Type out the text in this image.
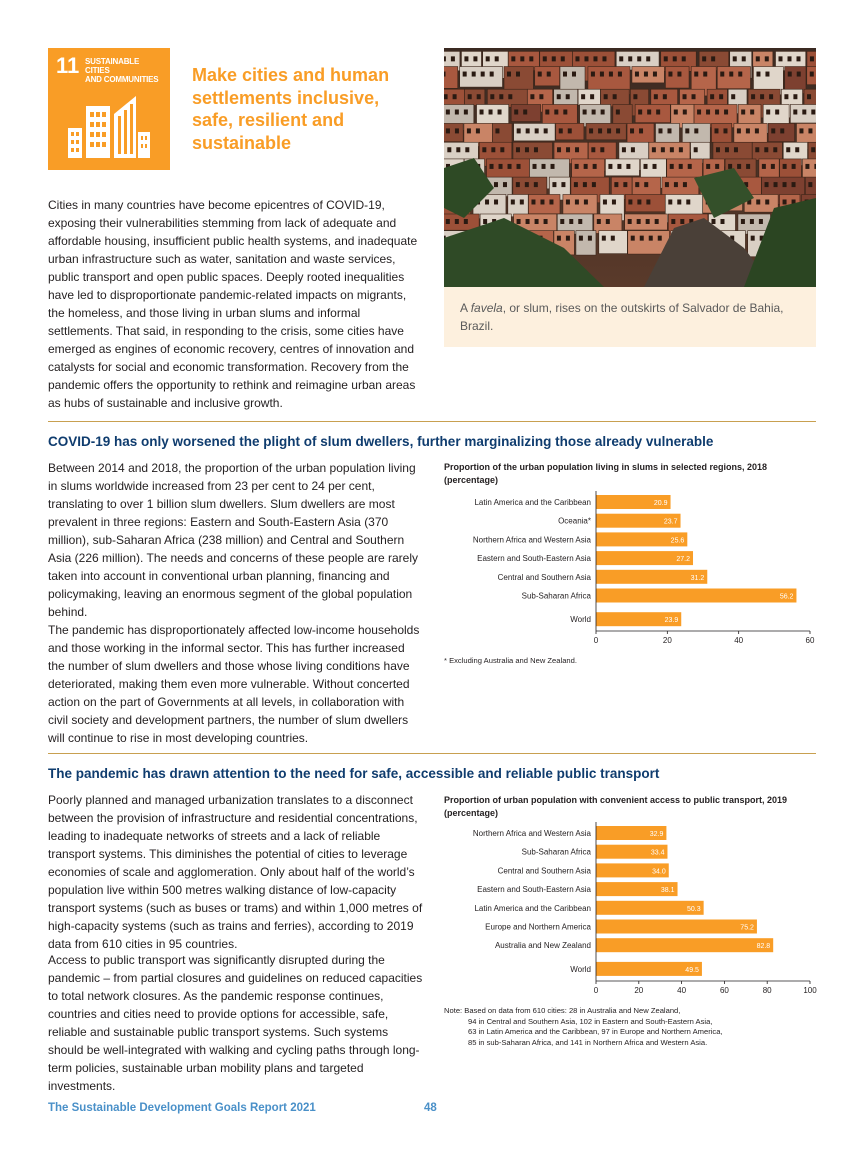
11 SUSTAINABLE CITIES
AND COMMUNITIES	Make cities and human settlements inclusive, safe, resilient and sustainable
A favela, or slum, rises on the outskirts of Salvador de Bahia, Brazil.
Cities in many countries have become epicentres of COVID-19, exposing their vulnerabilities stemming from lack of adequate and affordable housing, insufficient public health systems, and inadequate urban infrastructure such as water, sanitation and waste services, public transport and open public spaces. Deeply rooted inequalities have led to disproportionate pandemic-related impacts on migrants, the homeless, and those living in urban slums and informal settlements. That said, in responding to the crisis, some cities have emerged as engines of economic recovery, centres of innovation and catalysts for social and economic transformation. Recovery from the pandemic offers the opportunity to rethink and reimagine urban areas as hubs of sustainable and inclusive growth.
COVID-19 has only worsened the plight of slum dwellers, further marginalizing those already vulnerable
Between 2014 and 2018, the proportion of the urban population living in slums worldwide increased from 23 per cent to 24 per cent, translating to over 1 billion slum dwellers. Slum dwellers are most prevalent in three regions: Eastern and South-Eastern Asia (370 million), sub-Saharan Africa (238 million) and Central and Southern Asia (226 million). The needs and concerns of these people are rarely taken into account in conventional urban planning, financing and policymaking, leaving an enormous segment of the global population behind.
The pandemic has disproportionately affected low-income households and those working in the informal sector. This has further increased the number of slum dwellers and those whose living conditions have deteriorated, making them even more vulnerable. Without concerted action on the part of Governments at all levels, in collaboration with civil society and development partners, the number of slum dwellers will continue to rise in most developing countries.
Proportion of the urban population living in slums in selected regions, 2018 (percentage)
Latin America and the Caribbean	20.9
Oceania*	23.7
Northern Africa and Western Asia	25.6
Eastern and South-Eastern Asia	27.2
Central and Southern Asia	31.2
Sub-Saharan Africa	56.2
World	23.9
0	20	40	60
* Excluding Australia and New Zealand.
The pandemic has drawn attention to the need for safe, accessible and reliable public transport
Poorly planned and managed urbanization translates to a disconnect between the provision of infrastructure and residential concentrations, leading to inadequate networks of streets and a lack of reliable transport systems. This diminishes the potential of cities to leverage economies of scale and agglomeration. Only about half of the world’s population live within 500 metres walking distance of low-capacity transport systems (such as buses or trams) and within 1,000 metres of high-capacity systems (such as trains and ferries), according to 2019 data from 610 cities in 95 countries.
Access to public transport was significantly disrupted during the pandemic – from partial closures and guidelines on reduced capacities to total network closures. As the pandemic response continues, countries and cities need to provide options for accessible, safe, reliable and sustainable public transport systems. Such systems should be well-integrated with walking and cycling paths through long-term policies, sustainable urban mobility plans and targeted investments.
Proportion of urban population with convenient access to public transport, 2019 (percentage)
Northern Africa and Western Asia	32.9
Sub-Saharan Africa	33.4
Central and Southern Asia	34.0
Eastern and South-Eastern Asia	38.1
Latin America and the Caribbean	50.3
Europe and Northern America	75.2
Australia and New Zealand	82.8
World	49.5
0	20	40	60	80	100
Note: Based on data from 610 cities: 28 in Australia and New Zealand,
94 in Central and Southern Asia, 102 in Eastern and South-Eastern Asia,
63 in Latin America and the Caribbean, 97 in Europe and Northern America,
85 in sub-Saharan Africa, and 141 in Northern Africa and Western Asia.
The Sustainable Development Goals Report 2021	48
